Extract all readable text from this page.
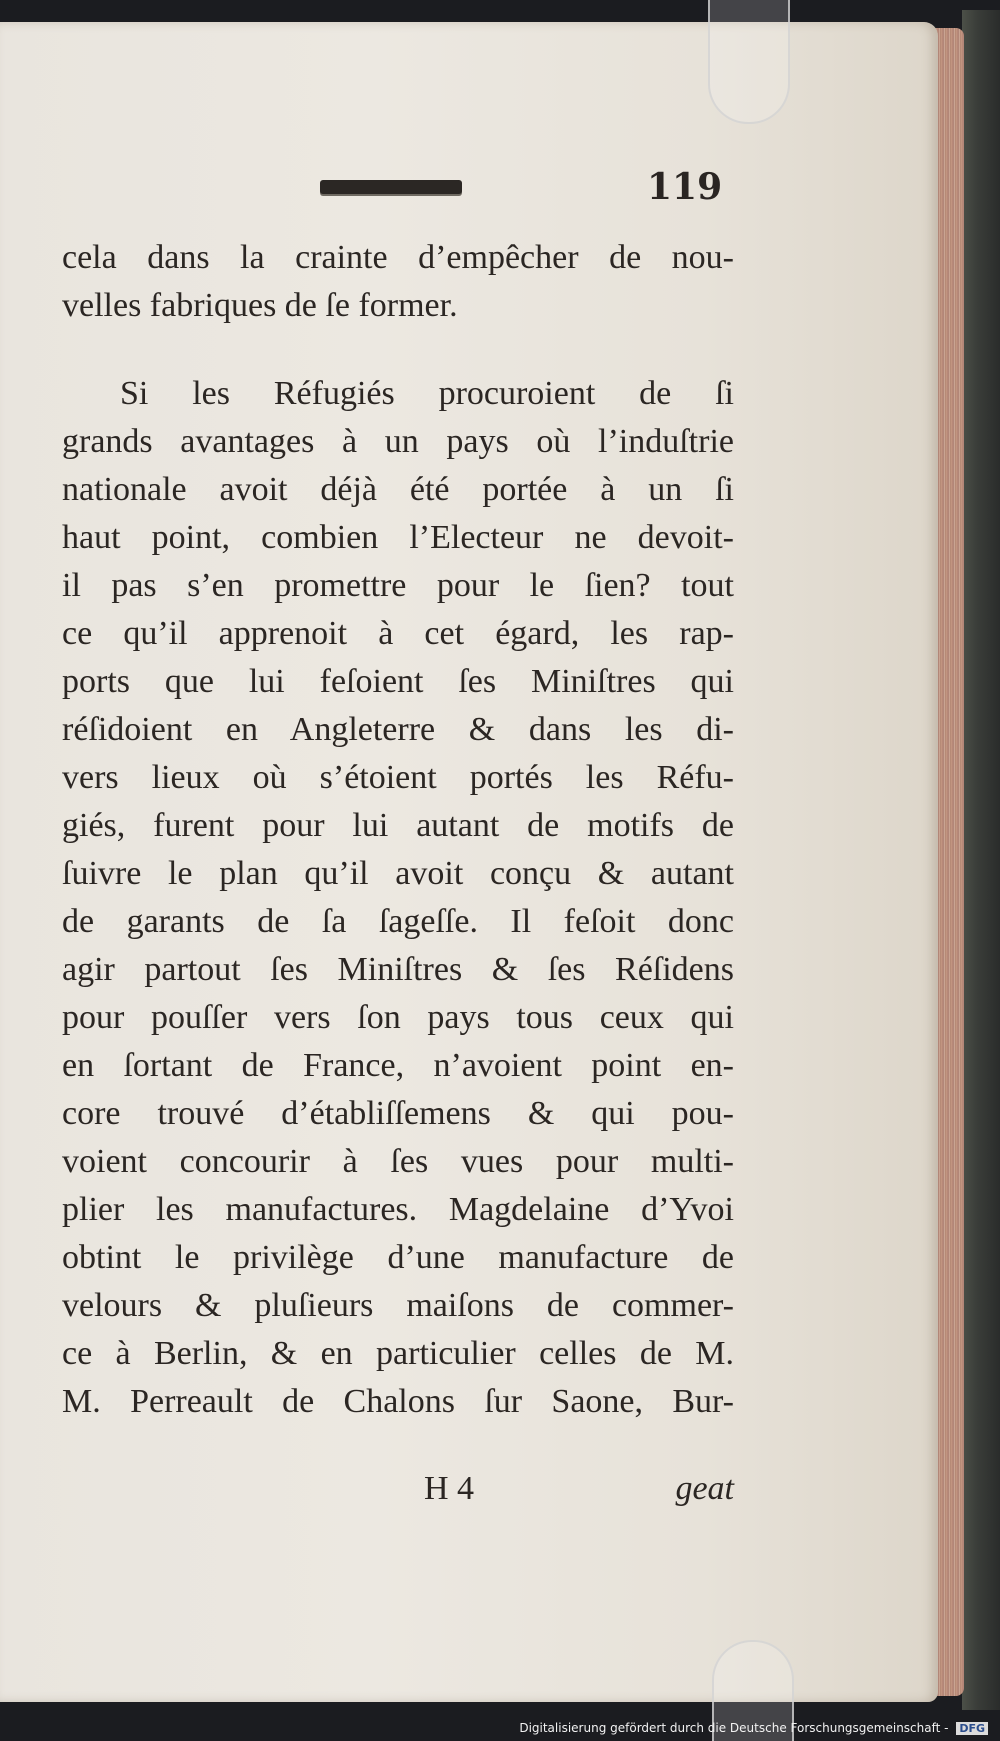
119
cela dans la crainte d’empêcher de nou-
velles fabriques de ſe former.
Si les Réfugiés procuroient de ſi
grands avantages à un pays où l’induſtrie
nationale avoit déjà été portée à un ſi
haut point, combien l’Electeur ne devoit-
il pas s’en promettre pour le ſien? tout
ce qu’il apprenoit à cet égard, les rap-
ports que lui feſoient ſes Miniſtres qui
réſidoient en Angleterre & dans les di-
vers lieux où s’étoient portés les Réfu-
giés, furent pour lui autant de motifs de
ſuivre le plan qu’il avoit conçu & autant
de garants de ſa ſageſſe. Il feſoit donc
agir partout ſes Miniſtres & ſes Réſidens
pour pouſſer vers ſon pays tous ceux qui
en ſortant de France, n’avoient point en-
core trouvé d’établiſſemens & qui pou-
voient concourir à ſes vues pour multi-
plier les manufactures. Magdelaine d’Yvoi
obtint le privilège d’une manufacture de
velours & pluſieurs maiſons de commer-
ce à Berlin, & en particulier celles de M.
M. Perreault de Chalons ſur Saone, Bur-
H 4	geat
Digitalisierung gefördert durch die Deutsche Forschungsgemeinschaft - DFG
